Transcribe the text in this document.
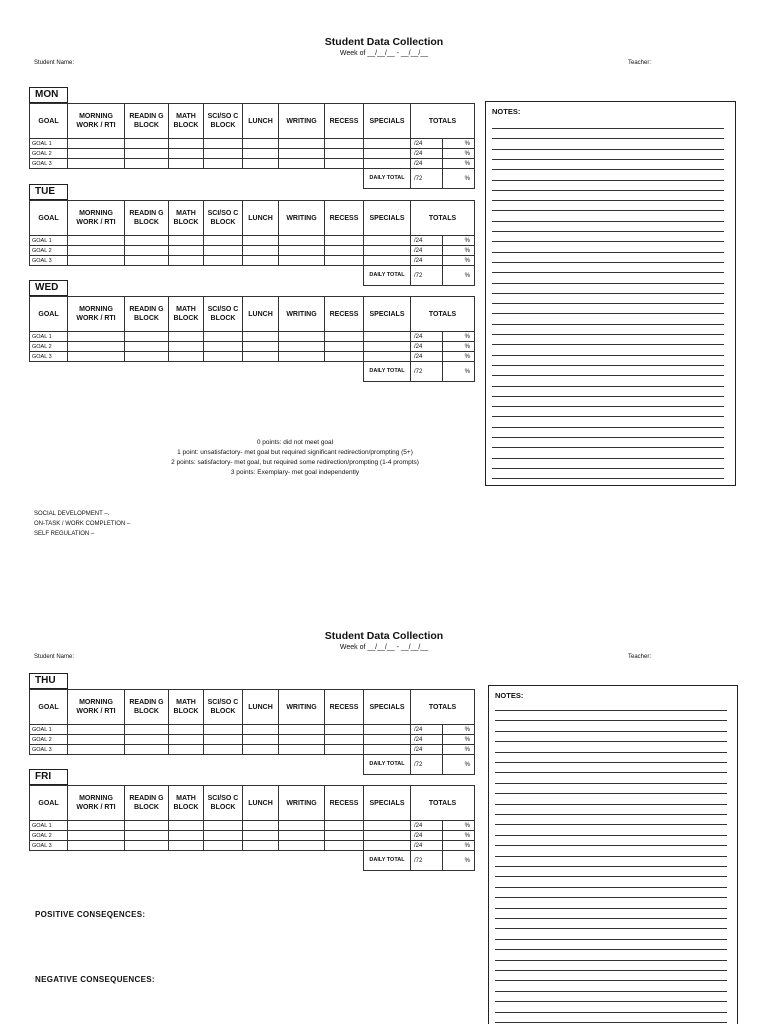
Student Data Collection
Week of __/__/__ - __/__/__
Student Name:	Teacher:
MON
GOAL	MORNING WORK / RTI	READIN G BLOCK	MATH BLOCK	SCI/SO C BLOCK	LUNCH	WRITING	RECESS	SPECIALS	TOTALS	
GOAL 1									/24	%
GOAL 2									/24	%
GOAL 3									/24	%
								DAILY TOTAL	/72	%
TUE
GOAL	MORNING WORK / RTI	READIN G BLOCK	MATH BLOCK	SCI/SO C BLOCK	LUNCH	WRITING	RECESS	SPECIALS	TOTALS	
GOAL 1									/24	%
GOAL 2									/24	%
GOAL 3									/24	%
								DAILY TOTAL	/72	%
WED
GOAL	MORNING WORK / RTI	READIN G BLOCK	MATH BLOCK	SCI/SO C BLOCK	LUNCH	WRITING	RECESS	SPECIALS	TOTALS	
GOAL 1									/24	%
GOAL 2									/24	%
GOAL 3									/24	%
								DAILY TOTAL	/72	%
NOTES:
0 points: did not meet goal
1 point: unsatisfactory- met goal but required significant redirection/prompting (5+)
2 points: satisfactory- met goal, but required some redirection/prompting (1-4 prompts)
3 points: Exemplary- met goal independently
SOCIAL DEVELOPMENT –.
ON-TASK / WORK COMPLETION –
SELF REGULATION –
Student Data Collection
Week of __/__/__ - __/__/__
Student Name:	Teacher:
THU
GOAL	MORNING WORK / RTI	READIN G BLOCK	MATH BLOCK	SCI/SO C BLOCK	LUNCH	WRITING	RECESS	SPECIALS	TOTALS	
GOAL 1									/24	%
GOAL 2									/24	%
GOAL 3									/24	%
								DAILY TOTAL	/72	%
FRI
GOAL	MORNING WORK / RTI	READIN G BLOCK	MATH BLOCK	SCI/SO C BLOCK	LUNCH	WRITING	RECESS	SPECIALS	TOTALS	
GOAL 1									/24	%
GOAL 2									/24	%
GOAL 3									/24	%
								DAILY TOTAL	/72	%
NOTES:
POSITIVE CONSEQENCES:
NEGATIVE CONSEQUENCES:
